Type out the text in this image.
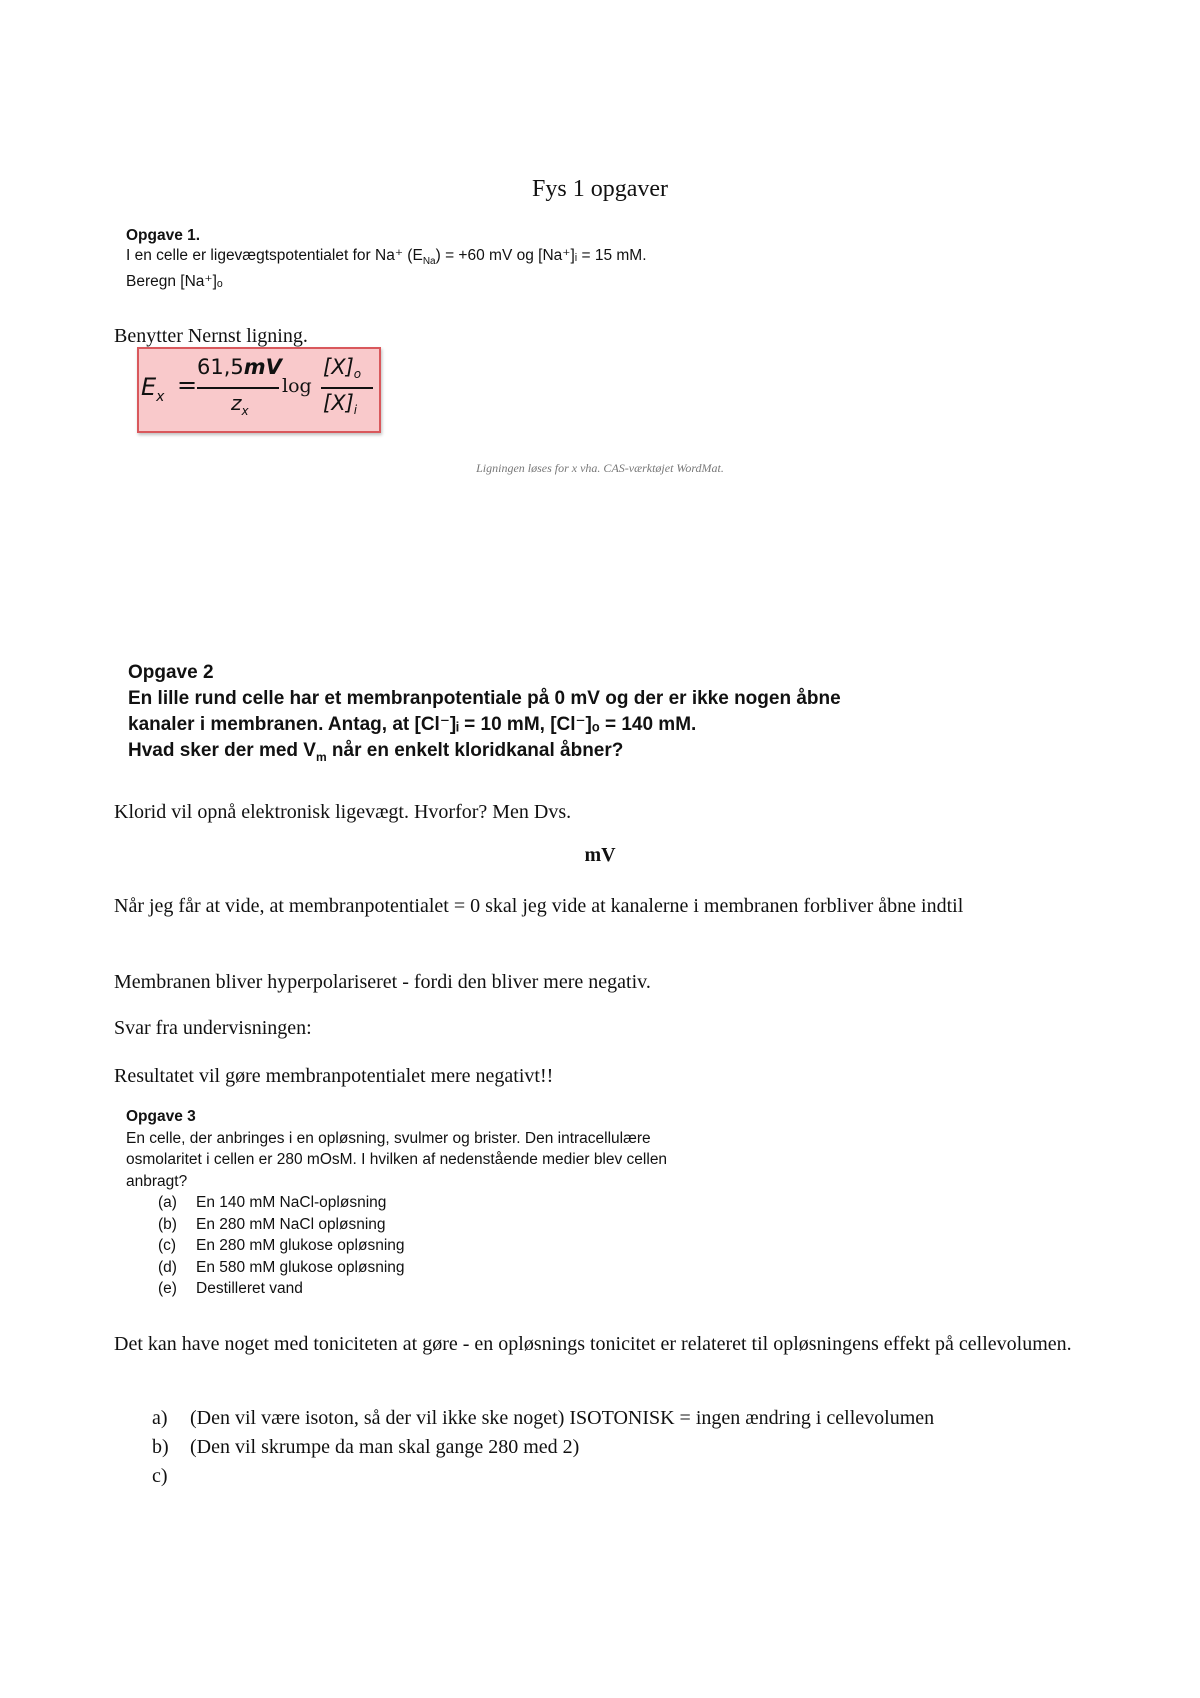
Fys 1 opgaver
Opgave 1.
I en celle er ligevægtspotentialet for Na⁺ $(E_{Na}) = +60$ mV og [Na⁺]ᵢ = 15 mM.
Beregn [Na⁺]ₒ
Benytter Nernst ligning.
$E_x$ =
61,5mV
$z_x$
log
[X]o
[X]i
Ligningen løses for x vha. CAS-værktøjet WordMat.
Opgave 2
En lille rund celle har et membranpotentiale på 0 mV og der er ikke nogen åbne
kanaler i membranen. Antag, at [Cl⁻]ᵢ = 10 mM, [Cl⁻]ₒ = 140 mM.
Hvad sker der med $V_m$ når en enkelt kloridkanal åbner?
Klorid vil opnå elektronisk ligevægt. Hvorfor? Men Dvs.
mV
Når jeg får at vide, at membranpotentialet = 0 skal jeg vide at kanalerne i membranen forbliver åbne indtil
Membranen bliver hyperpolariseret - fordi den bliver mere negativ.
Svar fra undervisningen:
Resultatet vil gøre membranpotentialet mere negativt!!
Opgave 3
En celle, der anbringes i en opløsning, svulmer og brister. Den intracellulære
osmolaritet i cellen er 280 mOsM. I hvilken af nedenstående medier blev cellen
anbragt?
(a) En 140 mM NaCl-opløsning
(b) En 280 mM NaCl opløsning
(c) En 280 mM glukose opløsning
(d) En 580 mM glukose opløsning
(e) Destilleret vand
Det kan have noget med toniciteten at gøre - en opløsnings tonicitet er relateret til opløsningens effekt på cellevolumen.
a)	(Den vil være isoton, så der vil ikke ske noget) ISOTONISK = ingen ændring i cellevolumen
b)	(Den vil skrumpe da man skal gange 280 med 2)
c)
